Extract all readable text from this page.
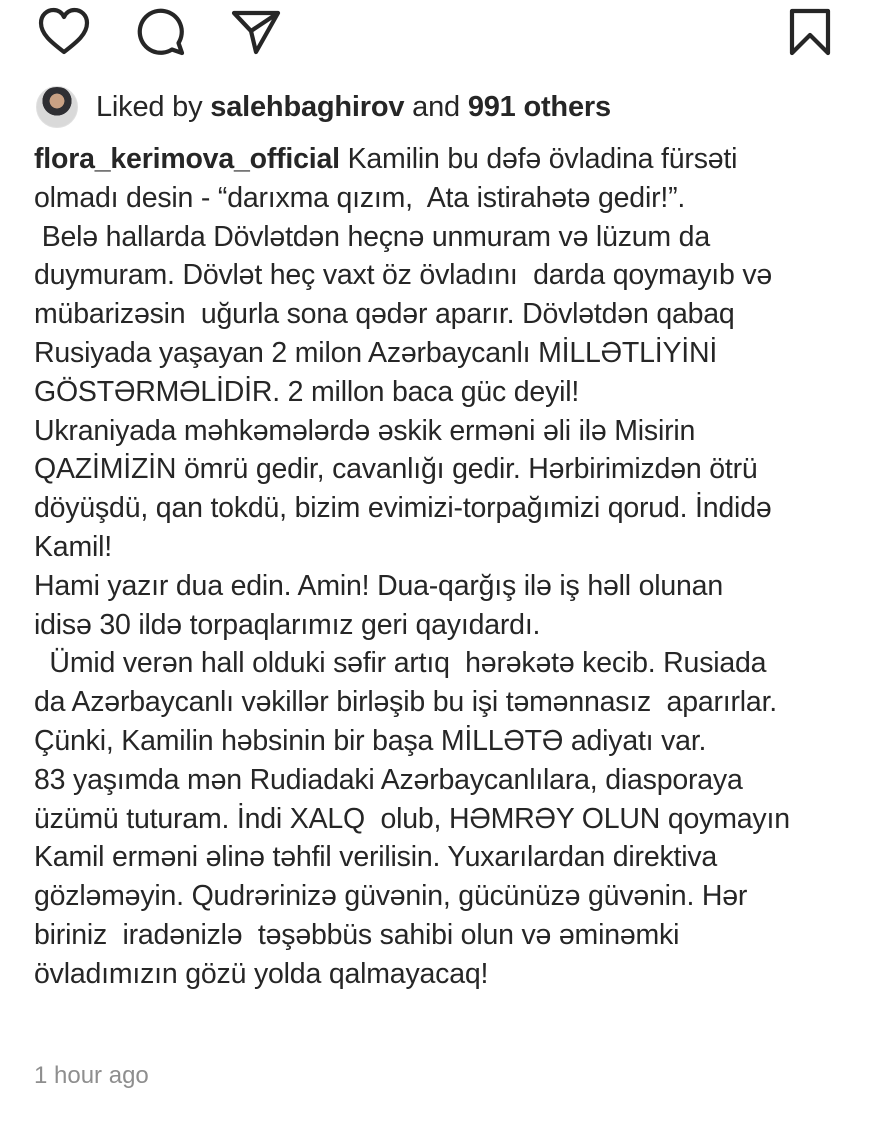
Liked by salehbaghirov and 991 others

flora_kerimova_official Kamilin bu dəfə övladina fürsəti

olmadı desin - “darıxma qızım,  Ata istirahətə gedir!”.

Belə hallarda Dövlətdən heçnə unmuram və lüzum da

duymuram. Dövlət heç vaxt öz övladını  darda qoymayıb və

mübarizəsin  uğurla sona qədər aparır. Dövlətdən qabaq

Rusiyada yaşayan 2 milon Azərbaycanlı MİLLƏTLİYİNİ

GÖSTƏRMƏLİDİR. 2 millon baca güc deyil!

Ukraniyada məhkəmələrdə əskik erməni əli ilə Misirin

QAZİMİZİN ömrü gedir, cavanlığı gedir. Hərbirimizdən ötrü

döyüşdü, qan tokdü, bizim evimizi-torpağımizi qorud. İndidə

Kamil!

Hami yazır dua edin. Amin! Dua-qarğış ilə iş həll olunan

idisə 30 ildə torpaqlarımız geri qayıdardı.

Ümid verən hall olduki səfir artıq  hərəkətə kecib. Rusiada

da Azərbaycanlı vəkillər birləşib bu işi təmənnasız  aparırlar.

Çünki, Kamilin həbsinin bir başa MİLLƏTƏ adiyatı var.

83 yaşımda mən Rudiadaki Azərbaycanlılara, diasporaya

üzümü tuturam. İndi XALQ  olub, HƏMRƏY OLUN qoymayın

Kamil erməni əlinə təhfil verilisin. Yuxarılardan direktiva

gözləməyin. Qudrərinizə güvənin, gücünüzə güvənin. Hər

biriniz  iradənizlə  təşəbbüs sahibi olun və əminəmki

övladımızın gözü yolda qalmayacaq!

1 hour ago
